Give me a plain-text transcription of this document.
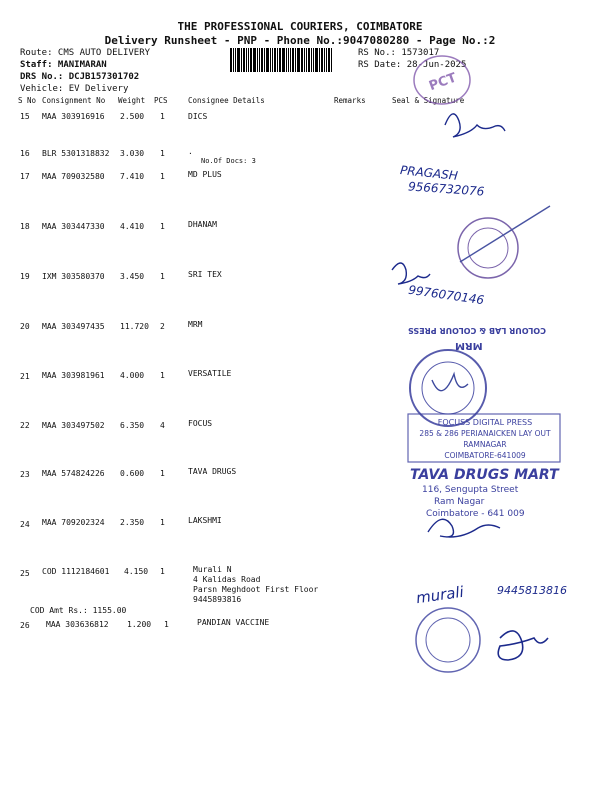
THE PROFESSIONAL COURIERS, COIMBATORE
Delivery Runsheet - PNP - Phone No.:9047080280 - Page No.:2
Route: CMS AUTO DELIVERY
Staff: MANIMARAN
DRS No.: DCJB157301702
Vehicle: EV Delivery
RS No.: 1573017
RS Date: 28-Jun-2025
S No Consignment No Weight PCS	Consignee Details	Remarks	Seal & Signature
15 MAA 303916916 2.500 1	DICS
16 BLR 5301318832 3.030 1	.
No.Of Docs: 3
17 MAA 709032580 7.410 1	MD PLUS
18 MAA 303447330 4.410 1	DHANAM
19 IXM 303580370 3.450 1	SRI TEX
20 MAA 303497435 11.720 2	MRM
21 MAA 303981961 4.000 1	VERSATILE
22 MAA 303497502 6.350 4	FOCUS
23 MAA 574824226 0.600 1	TAVA DRUGS
24 MAA 709202324 2.350 1	LAKSHMI
25 COD 1112184601 4.150 1	Murali N
4 Kalidas Road
Parsn Meghdoot First Floor
9445893816
COD Amt Rs.: 1155.00
26 MAA 303636812 1.200 1	PANDIAN VACCINE
PCT
PRAGASH
9566732076
9976070146
MRM
COLOUR LAB & COLOUR PRESS
FOCUSS DIGITAL PRESS
285 & 286 PERIANAICKEN LAY OUT
RAMNAGAR
COIMBATORE-641009
TAVA DRUGS MART
116, Sengupta Street
Ram Nagar
Coimbatore - 641 009
murali	9445813816
